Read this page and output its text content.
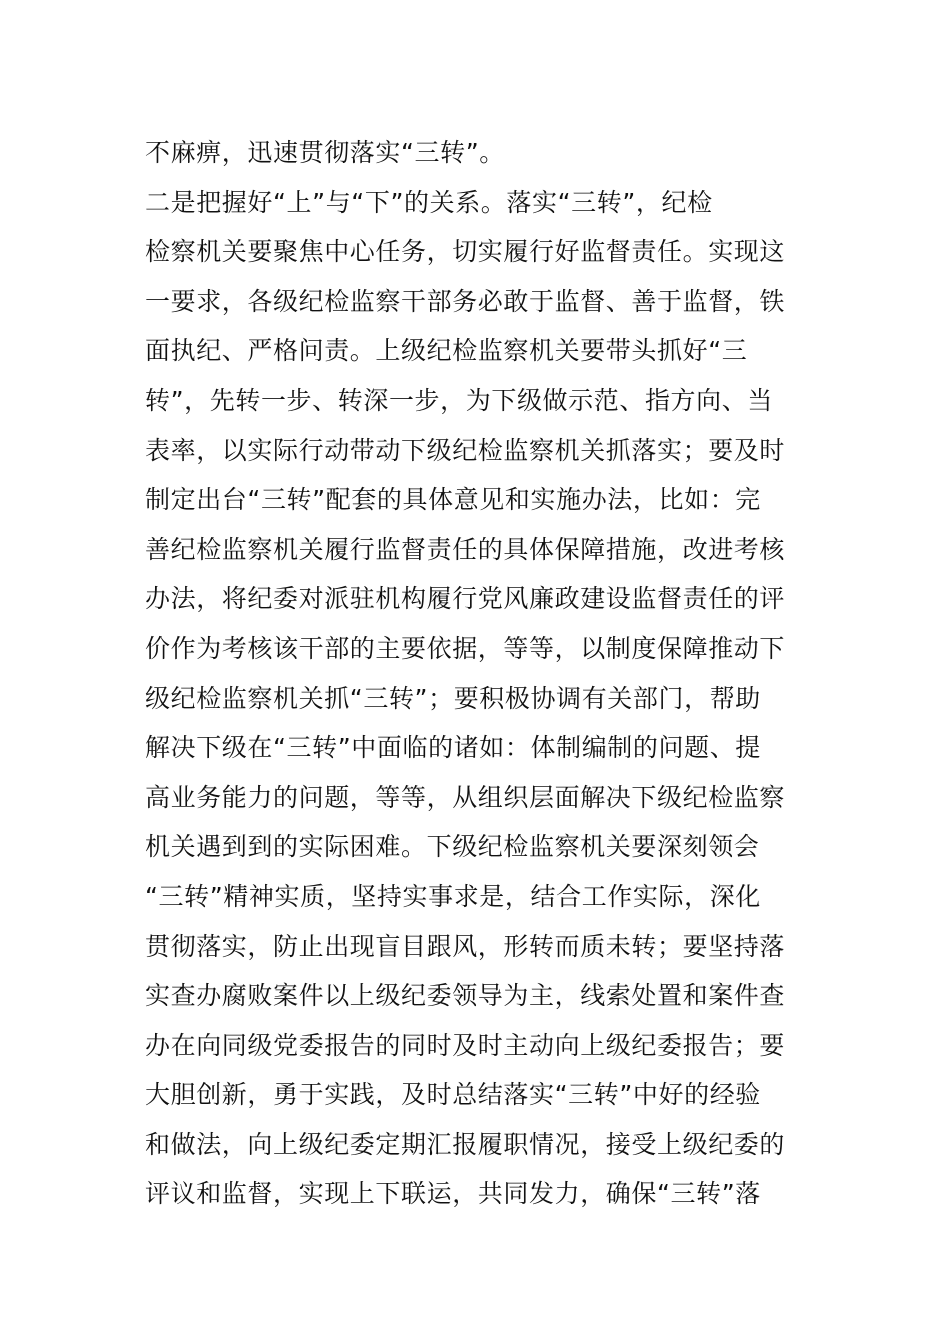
不麻痹，迅速贯彻落实“三转”。
二是把握好“上”与“下”的关系。落实“三转”，纪检
检察机关要聚焦中心任务，切实履行好监督责任。实现这
一要求，各级纪检监察干部务必敢于监督、善于监督，铁
面执纪、严格问责。上级纪检监察机关要带头抓好“三
转”，先转一步、转深一步，为下级做示范、指方向、当
表率，以实际行动带动下级纪检监察机关抓落实；要及时
制定出台“三转”配套的具体意见和实施办法，比如：完
善纪检监察机关履行监督责任的具体保障措施，改进考核
办法，将纪委对派驻机构履行党风廉政建设监督责任的评
价作为考核该干部的主要依据，等等，以制度保障推动下
级纪检监察机关抓“三转”；要积极协调有关部门，帮助
解决下级在“三转”中面临的诸如：体制编制的问题、提
高业务能力的问题，等等，从组织层面解决下级纪检监察
机关遇到到的实际困难。下级纪检监察机关要深刻领会
“三转”精神实质，坚持实事求是，结合工作实际，深化
贯彻落实，防止出现盲目跟风，形转而质未转；要坚持落
实查办腐败案件以上级纪委领导为主，线索处置和案件查
办在向同级党委报告的同时及时主动向上级纪委报告；要
大胆创新，勇于实践，及时总结落实“三转”中好的经验
和做法，向上级纪委定期汇报履职情况，接受上级纪委的
评议和监督，实现上下联运，共同发力，确保“三转”落
